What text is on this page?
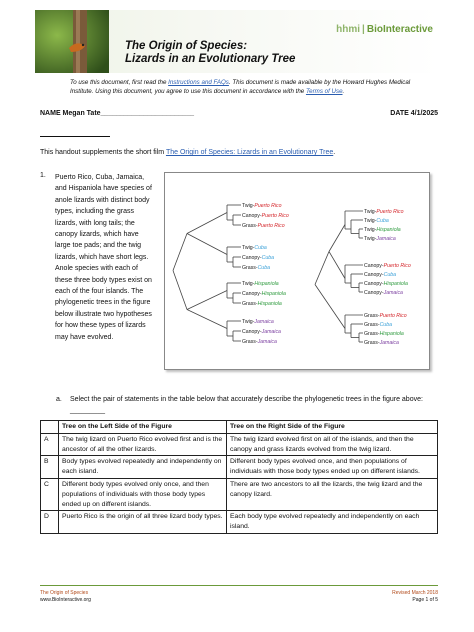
The Origin of Species:
Lizards in an Evolutionary Tree
hhmi | BioInteractive
To use this document, first read the Instructions and FAQs. This document is made available by the Howard Hughes Medical Institute. Using this document, you agree to use this document in accordance with the Terms of Use.
NAME Megan Tate________________________	DATE 4/1/2025
This handout supplements the short film The Origin of Species: Lizards in an Evolutionary Tree.
1. Puerto Rico, Cuba, Jamaica, and Hispaniola have species of anole lizards with distinct body types, including the grass lizards, with long tails; the canopy lizards, which have large toe pads; and the twig lizards, which have short legs. Anole species with each of these three body types exist on each of the four islands. The phylogenetic trees in the figure below illustrate two hypotheses for how these types of lizards may have evolved.
Twig-Puerto Rico
Canopy-Puerto Rico
Grass-Puerto Rico
Twig-Cuba
Canopy-Cuba
Grass-Cuba
Twig-Hispaniola
Canopy-Hispaniola
Grass-Hispaniola
Twig-Jamaica
Canopy-Jamaica
Grass-Jamaica
Twig-Puerto Rico
Twig-Cuba
Twig-Hispaniola
Twig-Jamaica
Canopy-Puerto Rico
Canopy-Cuba
Canopy-Hispaniola
Canopy-Jamaica
Grass-Puerto Rico
Grass-Cuba
Grass-Hispaniola
Grass-Jamaica
a. Select the pair of statements in the table below that accurately describe the phylogenetic trees in the figure above: _________
	Tree on the Left Side of the Figure	Tree on the Right Side of the Figure
A	The twig lizard on Puerto Rico evolved first and is the ancestor of all the other lizards.	The twig lizard evolved first on all of the islands, and then the canopy and grass lizards evolved from the twig lizard.
B	Body types evolved repeatedly and independently on each island.	Different body types evolved once, and then populations of individuals with those body types ended up on different islands.
C	Different body types evolved only once, and then populations of individuals with those body types ended up on different islands.	There are two ancestors to all the lizards, the twig lizard and the canopy lizard.
D	Puerto Rico is the origin of all three lizard body types.	Each body type evolved repeatedly and independently on each island.
The Origin of Species
www.BioInteractive.org
Revised March 2018
Page 1 of 5
